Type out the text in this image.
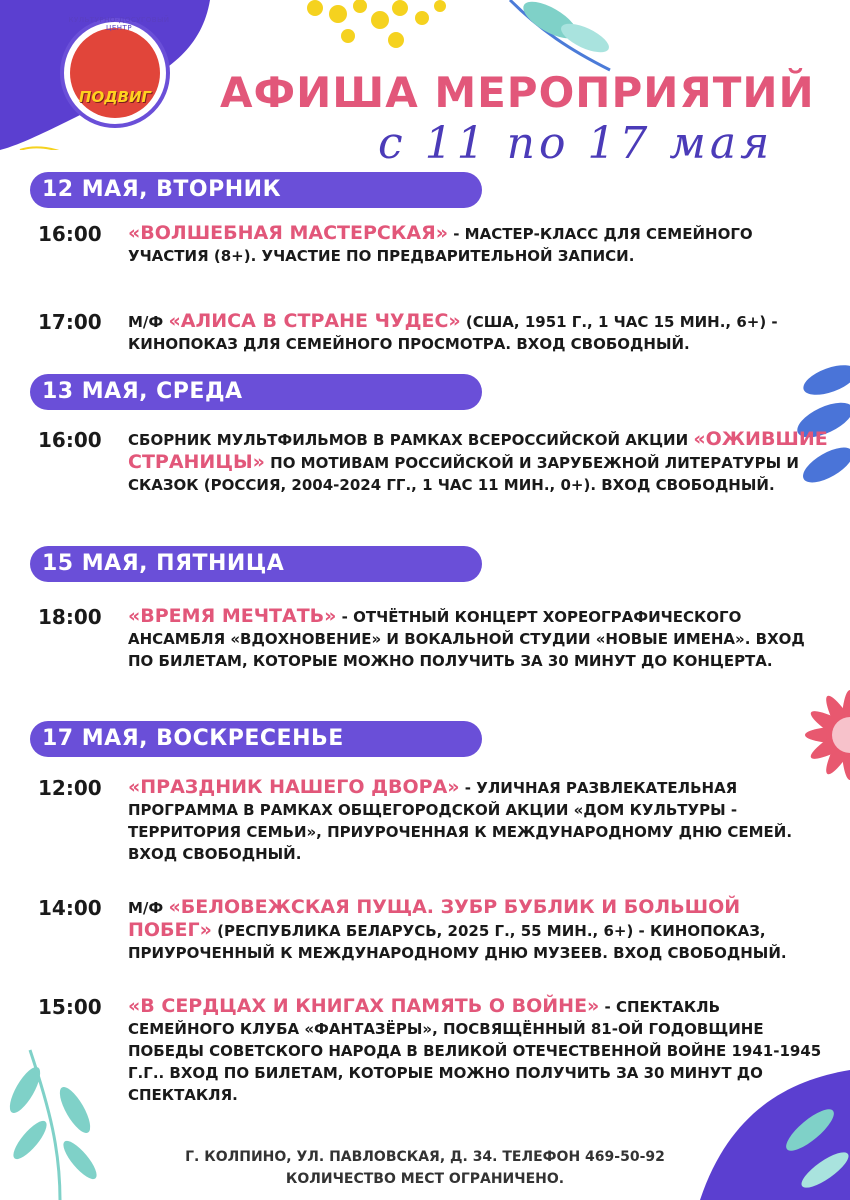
КУЛЬТУРНО-ДОСУГОВЫЙ ЦЕНТР
ПОДВИГ	АФИША МЕРОПРИЯТИЙ
с 11 по 17 мая
12 МАЯ, ВТОРНИК
16:00 «ВОЛШЕБНАЯ МАСТЕРСКАЯ» - МАСТЕР-КЛАСС ДЛЯ СЕМЕЙНОГО УЧАСТИЯ (8+). УЧАСТИЕ ПО ПРЕДВАРИТЕЛЬНОЙ ЗАПИСИ.
17:00 М/Ф «АЛИСА В СТРАНЕ ЧУДЕС» (США, 1951 Г., 1 ЧАС 15 МИН., 6+) - КИНОПОКАЗ ДЛЯ СЕМЕЙНОГО ПРОСМОТРА. ВХОД СВОБОДНЫЙ.
13 МАЯ, СРЕДА
16:00 СБОРНИК МУЛЬТФИЛЬМОВ В РАМКАХ ВСЕРОССИЙСКОЙ АКЦИИ «ОЖИВШИЕ СТРАНИЦЫ» ПО МОТИВАМ РОССИЙСКОЙ И ЗАРУБЕЖНОЙ ЛИТЕРАТУРЫ И СКАЗОК (РОССИЯ, 2004-2024 ГГ., 1 ЧАС 11 МИН., 0+). ВХОД СВОБОДНЫЙ.
15 МАЯ, ПЯТНИЦА
18:00 «ВРЕМЯ МЕЧТАТЬ» - ОТЧЁТНЫЙ КОНЦЕРТ ХОРЕОГРАФИЧЕСКОГО АНСАМБЛЯ «ВДОХНОВЕНИЕ» И ВОКАЛЬНОЙ СТУДИИ «НОВЫЕ ИМЕНА». ВХОД ПО БИЛЕТАМ, КОТОРЫЕ МОЖНО ПОЛУЧИТЬ ЗА 30 МИНУТ ДО КОНЦЕРТА.
17 МАЯ, ВОСКРЕСЕНЬЕ
12:00 «ПРАЗДНИК НАШЕГО ДВОРА» - УЛИЧНАЯ РАЗВЛЕКАТЕЛЬНАЯ ПРОГРАММА В РАМКАХ ОБЩЕГОРОДСКОЙ АКЦИИ «ДОМ КУЛЬТУРЫ - ТЕРРИТОРИЯ СЕМЬИ», ПРИУРОЧЕННАЯ К МЕЖДУНАРОДНОМУ ДНЮ СЕМЕЙ. ВХОД СВОБОДНЫЙ.
14:00 М/Ф «БЕЛОВЕЖСКАЯ ПУЩА. ЗУБР БУБЛИК И БОЛЬШОЙ ПОБЕГ» (РЕСПУБЛИКА БЕЛАРУСЬ, 2025 Г., 55 МИН., 6+) - КИНОПОКАЗ, ПРИУРОЧЕННЫЙ К МЕЖДУНАРОДНОМУ ДНЮ МУЗЕЕВ. ВХОД СВОБОДНЫЙ.
15:00 «В СЕРДЦАХ И КНИГАХ ПАМЯТЬ О ВОЙНЕ» - СПЕКТАКЛЬ СЕМЕЙНОГО КЛУБА «ФАНТАЗЁРЫ», ПОСВЯЩЁННЫЙ 81-ОЙ ГОДОВЩИНЕ ПОБЕДЫ СОВЕТСКОГО НАРОДА В ВЕЛИКОЙ ОТЕЧЕСТВЕННОЙ ВОЙНЕ 1941-1945 Г.Г.. ВХОД ПО БИЛЕТАМ, КОТОРЫЕ МОЖНО ПОЛУЧИТЬ ЗА 30 МИНУТ ДО СПЕКТАКЛЯ.
Г. КОЛПИНО, УЛ. ПАВЛОВСКАЯ, Д. 34. ТЕЛЕФОН 469-50-92
КОЛИЧЕСТВО МЕСТ ОГРАНИЧЕНО.
